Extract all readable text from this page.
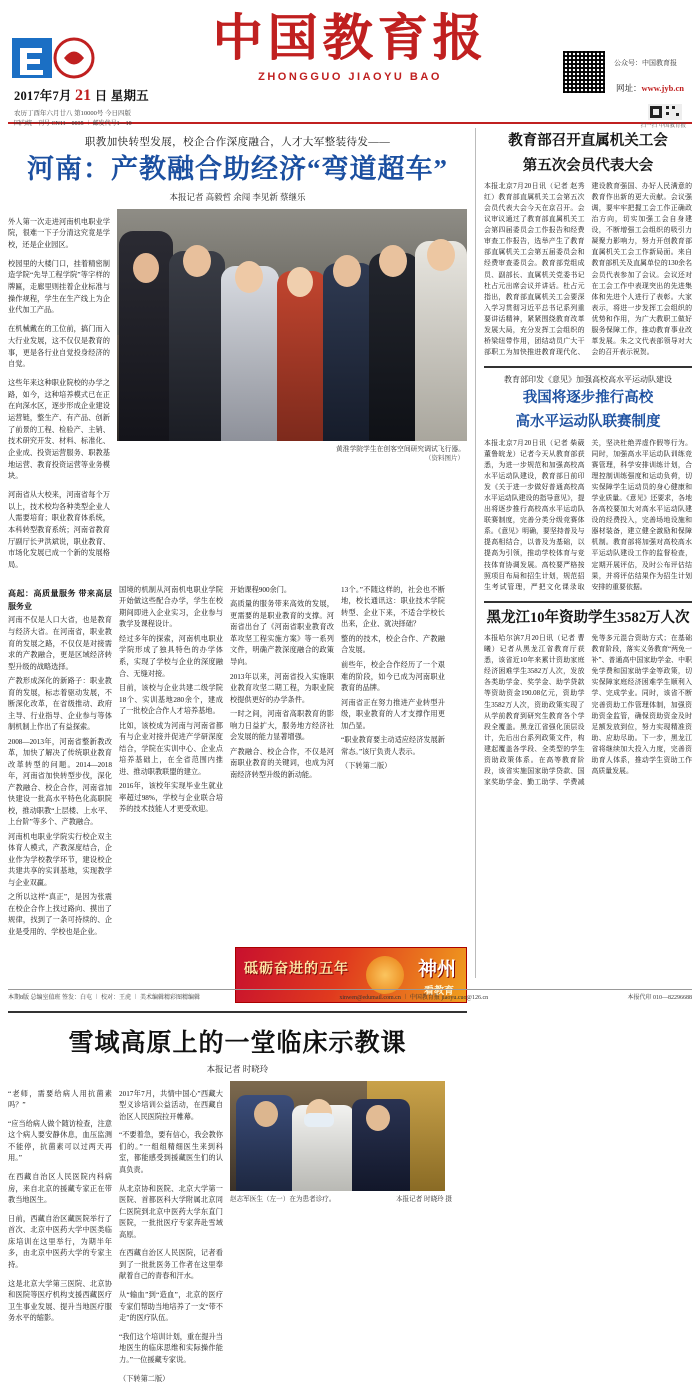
2017年7月 21 日 星期五
农历丁酉年六月廿八 第10000号 今日四版
中国教育报
ZHONGGUO JIAOYU BAO
公众号：中国教育报
网址：www.jyb.cn
扫一扫 中国教育报
国内统一刊号 CN11—0035 ︱ 邮发代号1—10
职教加快转型发展，校企合作深度融合，人才大军整装待发——
河南：产教融合助经济“弯道超车”
本报记者 高毅哲 余闯 李见新 蔡继乐

外人第一次走进河南机电职业学院，很难一下子分清这究竟是学校，还是企业园区。

校园里的大楼门口，挂着精密制造学院“先导工程学院”等字样的牌匾，走廊里则挂着企业标准与操作规程，学生在生产线上为企业代加工产品。

在机械戴在的工位前，搞门而入大行业发展，这不仅仅是教育的事，更是各行业自觉投身经济的自觉。

这些年来这种职业院校的办学之路，如今，这种培养模式已在正在向深水区，逐步形成企业建设运营链，整生产、有产品、创新了前景的工程、检验产、主销、技术研究开发、材料、标准化、企业成、投资运营服务、职教基地运营、教育投资运营等业务模块。

河南省从大校来，河南省每个万以上，技术校均各种类型企业人人需要培育；职业教育体系统，本科转型教育系统；河南省教育厅副厅长尹洪斌说，职业教育、市场化发展已成一个新的发展格局。

黄淮学院学生在创客空间研究调试飞行器。
（资料图片）
高起：高质量服务 带来高层服务业

河南不仅是人口大省，也是教育与经济大省。在河南省，职业教育的发展之路，不仅仅是对接需求的产教融合，更是区域经济转型升级的战略选择。

产教形成深化的新路子：职业教育的发展，标志着驱动发展，不断深化改革，在省级推动、政府主导、行业指导、企业参与等体制机制上作出了有益探索。

2008—2013年，河南省整新教改革，加快了解决了传统职业教育改革转型的问题。2014—2018年，河南省加快转型步伐，深化产教融合、校企合作，河南省加快建设一批高水平特色化高职院校，推动职教“上层楼、上水平、上台阶”等多个、产教融合。

河南机电职业学院实行校企双主体育人模式，产教深度结合，企业作为学校教学环节，建设校企共建共享的实训基地，实现教学与企业双赢。

之所以这样“真正”，是因为张震在校企合作上找过路向、摸出了规律，找到了一条可持续的、企业是受用的、学校也是企业。

国境的机制从河南机电职业学院开始做这些配合办学，学生在校期间即进入企业实习，企业参与教学及课程设计。

经过多年的探索，河南机电职业学院形成了独具特色的办学体系，实现了学校与企业的深度融合、无缝对接。

目前，该校与企业共建二级学院18个、实训基地280余个，建成了一批校企合作人才培养基地。

比如，该校成为河南与河南省都有与企业对接并促进产学研深度结合，学院在实训中心、企业点培养基础上，在全省范围内推进、推动职教联盟的建立。

2016年，该校年实现毕业生就业率超过98%，学校与企业联合培养的技术技能人才更受欢迎。

开始课程900余门。

高质量的服务带来高效的发展，更需要的是职业教育的支撑。河南省出台了《河南省职业教育改革攻坚工程实施方案》等一系列文件，明确产教深度融合的政策导向。

2013年以来，河南省投入实施职业教育攻坚二期工程，为职业院校提供更好的办学条件。

一时之间，河南省高职教育的影响力日益扩大，服务地方经济社会发展的能力显著增强。

产教融合、校企合作，不仅是河南职业教育的关键词，也成为河南经济转型升级的新动能。

13个。”不随这样的，社会也不断地，校长通讯这：职业技术学院转型、企业下来，不适合学校长出来，企业、就决择础？

整的的技术，校企合作、产教融合发展。

前些年，校企合作经历了一个艰难的阶段，如今已成为河南职业教育的品牌。

河南省正在努力推进产业转型升级，职业教育的人才支撑作用更加凸显。

“职业教育要主动适应经济发展新常态。”该厅负责人表示。

（下转第二版）

砥砺奋进的五年	神州
看教育
雪域高原上的一堂临床示教课
本报记者 时晓玲

“老师，需要给病人用抗菌素吗？”

“应当给病人做个随访检查，注意这个病人要安静休息，血压监测不能停，抗菌素可以过两天再用。”

在西藏自治区人民医院内科病房，来自北京的援藏专家正在带教当地医生。

日前，西藏自治区藏医院举行了首次、北京中医药大学中医类临床培训在这里举行，为期半年多，由北京中医药大学的专家主持。

这是北京大学第三医院、北京协和医院等医疗机构支援西藏医疗卫生事业发展、提升当地医疗服务水平的缩影。

2017年7月，共情中国心”西藏大型义诊培训公益活动，在西藏自治区人民医院拉开帷幕。

“不要着急，要有信心，我会教你们的。”一组组精细医生来到科室，都能感受到援藏医生们的认真负责。

从北京协和医院、北京大学第一医院、首都医科大学附属北京同仁医院到北京中医药大学东直门医院，一批批医疗专家奔赴雪域高原。

在西藏自治区人民医院，记者看到了一批批医务工作者在这里奉献着自己的青春和汗水。

从“输血”到“造血”，北京的医疗专家们帮助当地培养了一支“带不走”的医疗队伍。

“我们这个培训计划，重在提升当地医生的临床思维和实际操作能力。”一位援藏专家说。

（下转第二版）

赵志军医生（左一）在为患者诊疗。	本报记者 时晓玲 摄
教育部召开直属机关工会
第五次会员代表大会
本报北京7月20日讯（记者 赵秀红）教育部直属机关工会第五次会员代表大会今天在京召开。会议审议通过了教育部直属机关工会第四届委员会工作报告和经费审查工作报告，选举产生了教育部直属机关工会第五届委员会和经费审查委员会。教育部党组成员、副部长、直属机关党委书记杜占元出席会议并讲话。杜占元指出，教育部直属机关工会要深入学习贯彻习近平总书记系列重要讲话精神，紧紧围绕教育改革发展大局，充分发挥工会组织的桥梁纽带作用，团结动员广大干部职工为加快推进教育现代化、建设教育强国、办好人民满意的教育作出新的更大贡献。会议强调，要牢牢把握工会工作正确政治方向，切实加强工会自身建设，不断增强工会组织的吸引力凝聚力影响力，努力开创教育部直属机关工会工作新局面。来自教育部机关及直属单位的130余名会员代表参加了会议。会议还对在工会工作中表现突出的先进集体和先进个人进行了表彰。大家表示，将进一步发挥工会组织的优势和作用，为广大教职工做好服务保障工作，推动教育事业改革发展。朱之文代表部领导对大会的召开表示祝贺。
教育部印发《意见》加强高校高水平运动队建设
我国将逐步推行高校
高水平运动队联赛制度
本报北京7月20日讯（记者 柴葳 董鲁皖龙）记者今天从教育部获悉，为进一步规范和加强高校高水平运动队建设，教育部日前印发《关于进一步做好普通高校高水平运动队建设的指导意见》，提出将逐步推行高校高水平运动队联赛制度，完善分类分级竞赛体系。《意见》明确，要坚持普及与提高相结合，以普及为基础，以提高为引领，推动学校体育与竞技体育协调发展。高校要严格按照项目布局和招生计划，规范招生考试管理，严把文化课录取关，坚决杜绝弄虚作假等行为。同时，加强高水平运动队训练竞赛管理，科学安排训练计划，合理控制训练强度和运动负荷，切实保障学生运动员的身心健康和学业质量。《意见》还要求，各地各高校要加大对高水平运动队建设的经费投入，完善场地设施和器材装备，建立健全激励和保障机制。教育部将加强对高校高水平运动队建设工作的监督检查，定期开展评估，及时公布评估结果，并将评估结果作为招生计划安排的重要依据。
黑龙江10年资助学生3582万人次
本报哈尔滨7月20日讯（记者 曹曦）记者从黑龙江省教育厅获悉，该省近10年来累计资助家庭经济困难学生3582万人次，发放各类助学金、奖学金、助学贷款等资助资金190.08亿元，资助学生3582万人次，资助政策实现了从学前教育到研究生教育各个学段全覆盖。黑龙江省强化顶层设计，先后出台系列政策文件，构建起覆盖各学段、全类型的学生资助政策体系。在高等教育阶段，该省实施国家助学贷款、国家奖助学金、勤工助学、学费减免等多元混合资助方式；在基础教育阶段，落实义务教育“两免一补”、普通高中国家助学金、中职免学费和国家助学金等政策，切实保障家庭经济困难学生顺利入学、完成学业。同时，该省不断完善资助工作管理体制，加强资助资金监管，确保资助资金及时足额发放到位，努力实现精准资助、应助尽助。下一步，黑龙江省将继续加大投入力度，完善资助育人体系，推动学生资助工作高质量发展。
本期8版 总编室值班 签发：白屯 ︱ 校对：王虎 ︱ 美术编辑精彩图精编辑	xinwen@edumail.com.cn ︱ 中国教育报 jiaoyu.cuo@126.cn	本报代印 010—82296688
